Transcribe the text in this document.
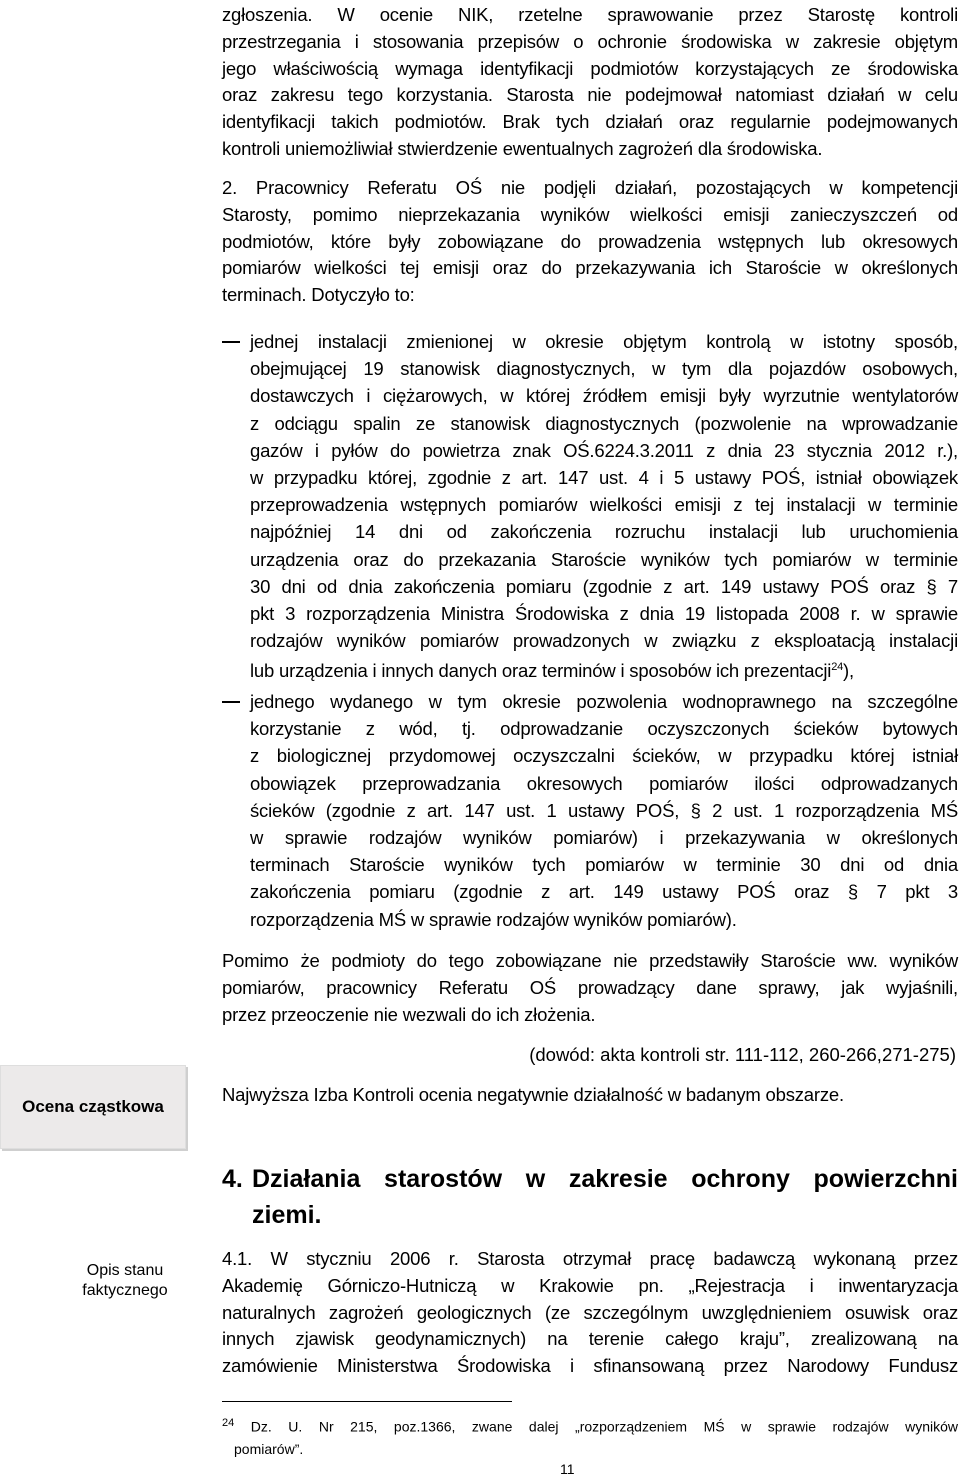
zgłoszenia. W ocenie NIK, rzetelne sprawowanie przez Starostę kontroli
przestrzegania i stosowania przepisów o ochronie środowiska w zakresie objętym
jego właściwością wymaga identyfikacji podmiotów korzystających ze środowiska
oraz zakresu tego korzystania. Starosta nie podejmował natomiast działań w celu
identyfikacji takich podmiotów. Brak tych działań oraz regularnie podejmowanych
kontroli uniemożliwiał stwierdzenie ewentualnych zagrożeń dla środowiska.

2. Pracownicy Referatu OŚ nie podjęli działań, pozostających w kompetencji
Starosty, pomimo nieprzekazania wyników wielkości emisji zanieczyszczeń od
podmiotów, które były zobowiązane do prowadzenia wstępnych lub okresowych
pomiarów wielkości tej emisji oraz do przekazywania ich Staroście w określonych
terminach. Dotyczyło to:

jednej instalacji zmienionej w okresie objętym kontrolą w istotny sposób,
obejmującej 19 stanowisk diagnostycznych, w tym dla pojazdów osobowych,
dostawczych i ciężarowych, w której źródłem emisji były wyrzutnie wentylatorów
z odciągu spalin ze stanowisk diagnostycznych (pozwolenie na wprowadzanie
gazów i pyłów do powietrza znak OŚ.6224.3.2011 z dnia 23 stycznia 2012 r.),
w przypadku której, zgodnie z art. 147 ust. 4 i 5 ustawy POŚ, istniał obowiązek
przeprowadzenia wstępnych pomiarów wielkości emisji z tej instalacji w terminie
najpóźniej 14 dni od zakończenia rozruchu instalacji lub uruchomienia
urządzenia oraz do przekazania Staroście wyników tych pomiarów w terminie
30 dni od dnia zakończenia pomiaru (zgodnie z art. 149 ustawy POŚ oraz § 7
pkt 3 rozporządzenia Ministra Środowiska z dnia 19 listopada 2008 r. w sprawie
rodzajów wyników pomiarów prowadzonych w związku z eksploatacją instalacji
lub urządzenia i innych danych oraz terminów i sposobów ich prezentacji$^{24}$),
jednego wydanego w tym okresie pozwolenia wodnoprawnego na szczególne
korzystanie z wód, tj. odprowadzanie oczyszczonych ścieków bytowych
z biologicznej przydomowej oczyszczalni ścieków, w przypadku której istniał
obowiązek przeprowadzania okresowych pomiarów ilości odprowadzanych
ścieków (zgodnie z art. 147 ust. 1 ustawy POŚ, § 2 ust. 1 rozporządzenia MŚ
w sprawie rodzajów wyników pomiarów) i przekazywania w określonych
terminach Staroście wyników tych pomiarów w terminie 30 dni od dnia
zakończenia pomiaru (zgodnie z art. 149 ustawy POŚ oraz § 7 pkt 3
rozporządzenia MŚ w sprawie rodzajów wyników pomiarów).

Pomimo że podmioty do tego zobowiązane nie przedstawiły Staroście ww. wyników
pomiarów, pracownicy Referatu OŚ prowadzący dane sprawy, jak wyjaśnili,
przez przeoczenie nie wezwali do ich złożenia.

(dowód: akta kontroli str. 111-112, 260-266,271-275)
Ocena cząstkowa

Najwyższa Izba Kontroli ocenia negatywnie działalność w badanym obszarze.

4. Działania starostów w zakresie ochrony powierzchni
ziemi.
Opis stanu
faktycznego

4.1. W styczniu 2006 r. Starosta otrzymał pracę badawczą wykonaną przez
Akademię Górniczo-Hutniczą w Krakowie pn. „Rejestracja i inwentaryzacja
naturalnych zagrożeń geologicznych (ze szczególnym uwzględnieniem osuwisk oraz
innych zjawisk geodynamicznych) na terenie całego kraju”, zrealizowaną na
zamówienie Ministerstwa Środowiska i sfinansowaną przez Narodowy Fundusz

$^{24}$ Dz. U. Nr 215, poz.1366, zwane dalej „rozporządzeniem MŚ w sprawie rodzajów wyników
pomiarów”.
11
